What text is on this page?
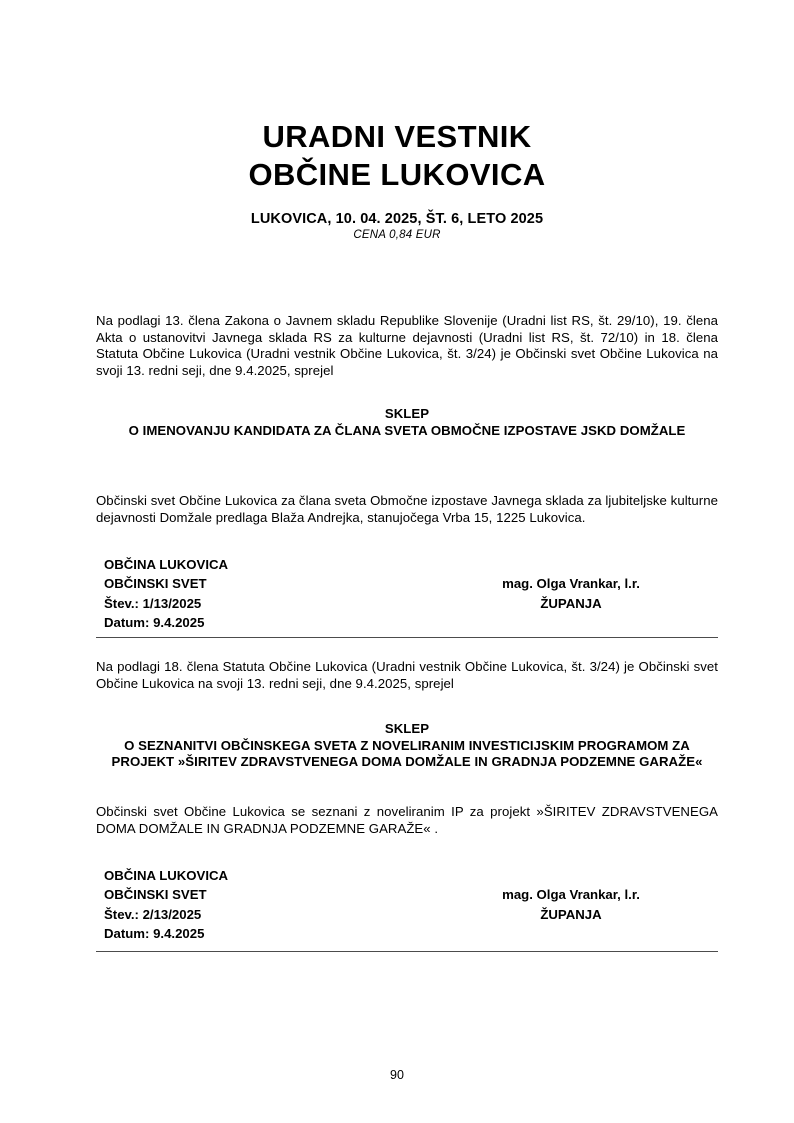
URADNI VESTNIK
OBČINE LUKOVICA
LUKOVICA, 10. 04. 2025, ŠT. 6, LETO 2025
CENA 0,84 EUR
Na podlagi 13. člena Zakona o Javnem skladu Republike Slovenije (Uradni list RS, št. 29/10), 19. člena Akta o ustanovitvi Javnega sklada RS za kulturne dejavnosti (Uradni list RS, št. 72/10) in 18. člena Statuta Občine Lukovica (Uradni vestnik Občine Lukovica, št. 3/24) je Občinski svet Občine Lukovica na svoji 13. redni seji, dne 9.4.2025, sprejel
SKLEP
O IMENOVANJU KANDIDATA ZA ČLANA SVETA OBMOČNE IZPOSTAVE JSKD DOMŽALE
Občinski svet Občine Lukovica za člana sveta Območne izpostave Javnega sklada za ljubiteljske kulturne dejavnosti Domžale predlaga Blaža Andrejka, stanujočega Vrba 15, 1225 Lukovica.
OBČINA LUKOVICA
OBČINSKI SVET
Štev.: 1/13/2025
Datum: 9.4.2025
mag. Olga Vrankar, l.r.
ŽUPANJA
Na podlagi 18. člena Statuta Občine Lukovica (Uradni vestnik Občine Lukovica, št. 3/24) je Občinski svet Občine Lukovica na svoji 13. redni seji, dne 9.4.2025, sprejel
SKLEP
O SEZNANITVI OBČINSKEGA SVETA Z NOVELIRANIM INVESTICIJSKIM PROGRAMOM ZA PROJEKT »ŠIRITEV ZDRAVSTVENEGA DOMA DOMŽALE IN GRADNJA PODZEMNE GARAŽE«
Občinski svet Občine Lukovica se seznani z noveliranim IP za projekt »ŠIRITEV ZDRAVSTVENEGA DOMA DOMŽALE IN GRADNJA PODZEMNE GARAŽE« .
OBČINA LUKOVICA
OBČINSKI SVET
Štev.: 2/13/2025
Datum: 9.4.2025
mag. Olga Vrankar, l.r.
ŽUPANJA
90
